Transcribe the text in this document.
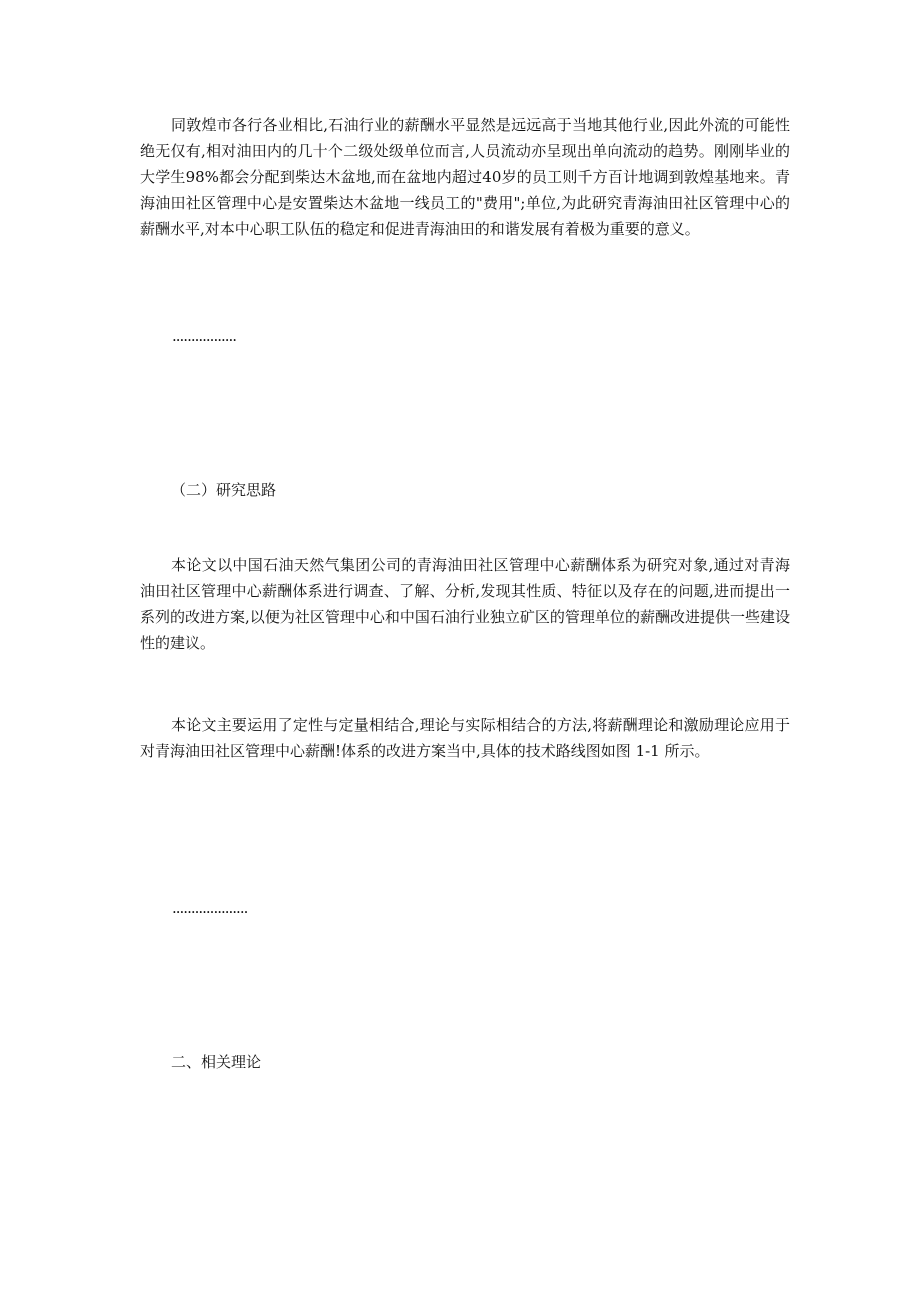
同敦煌市各行各业相比,石油行业的薪酬水平显然是远远高于当地其他行业,因此外流的可能性绝无仅有,相对油田内的几十个二级处级单位而言,人员流动亦呈现出单向流动的趋势。刚刚毕业的大学生98%都会分配到柴达木盆地,而在盆地内超过40岁的员工则千方百计地调到敦煌基地来。青海油田社区管理中心是安置柴达木盆地一线员工的"费用";单位,为此研究青海油田社区管理中心的薪酬水平,对本中心职工队伍的稳定和促进青海油田的和谐发展有着极为重要的意义。

.................

（二）研究思路

本论文以中国石油天然气集团公司的青海油田社区管理中心薪酬体系为研究对象,通过对青海油田社区管理中心薪酬体系进行调查、了解、分析,发现其性质、特征以及存在的问题,进而提出一系列的改进方案,以便为社区管理中心和中国石油行业独立矿区的管理单位的薪酬改进提供一些建设性的建议。

本论文主要运用了定性与定量相结合,理论与实际相结合的方法,将薪酬理论和激励理论应用于对青海油田社区管理中心薪酬!体系的改进方案当中,具体的技术路线图如图 1-1 所示。

....................

二、相关理论
